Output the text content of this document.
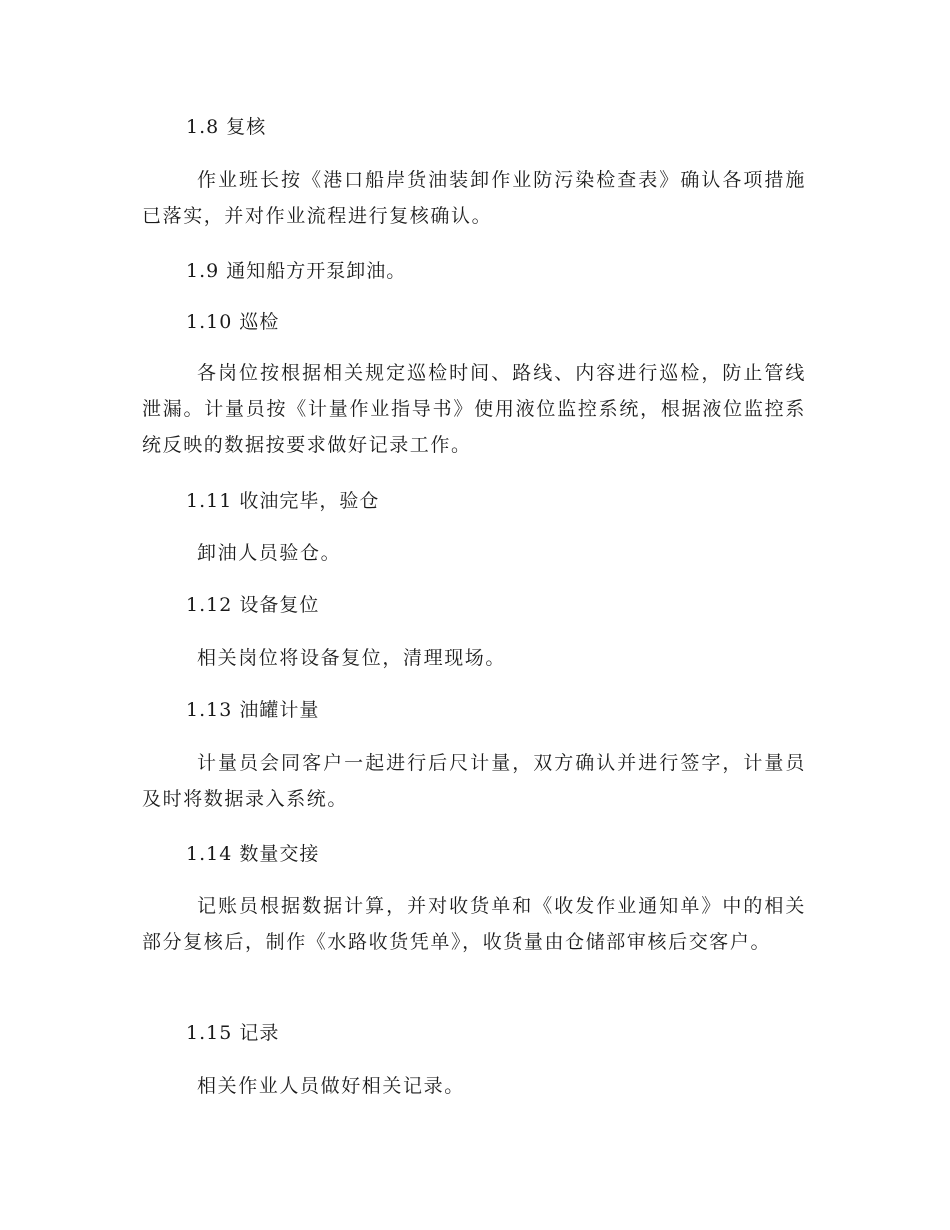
1.8 复核
作业班长按《港口船岸货油装卸作业防污染检查表》确认各项措施已落实，并对作业流程进行复核确认。
1.9 通知船方开泵卸油。
1.10 巡检
各岗位按根据相关规定巡检时间、路线、内容进行巡检，防止管线泄漏。计量员按《计量作业指导书》使用液位监控系统，根据液位监控系统反映的数据按要求做好记录工作。
1.11 收油完毕，验仓
卸油人员验仓。
1.12 设备复位
相关岗位将设备复位，清理现场。
1.13 油罐计量
计量员会同客户一起进行后尺计量，双方确认并进行签字，计量员及时将数据录入系统。
1.14 数量交接
记账员根据数据计算，并对收货单和《收发作业通知单》中的相关部分复核后，制作《水路收货凭单》，收货量由仓储部审核后交客户。
1.15 记录
相关作业人员做好相关记录。
